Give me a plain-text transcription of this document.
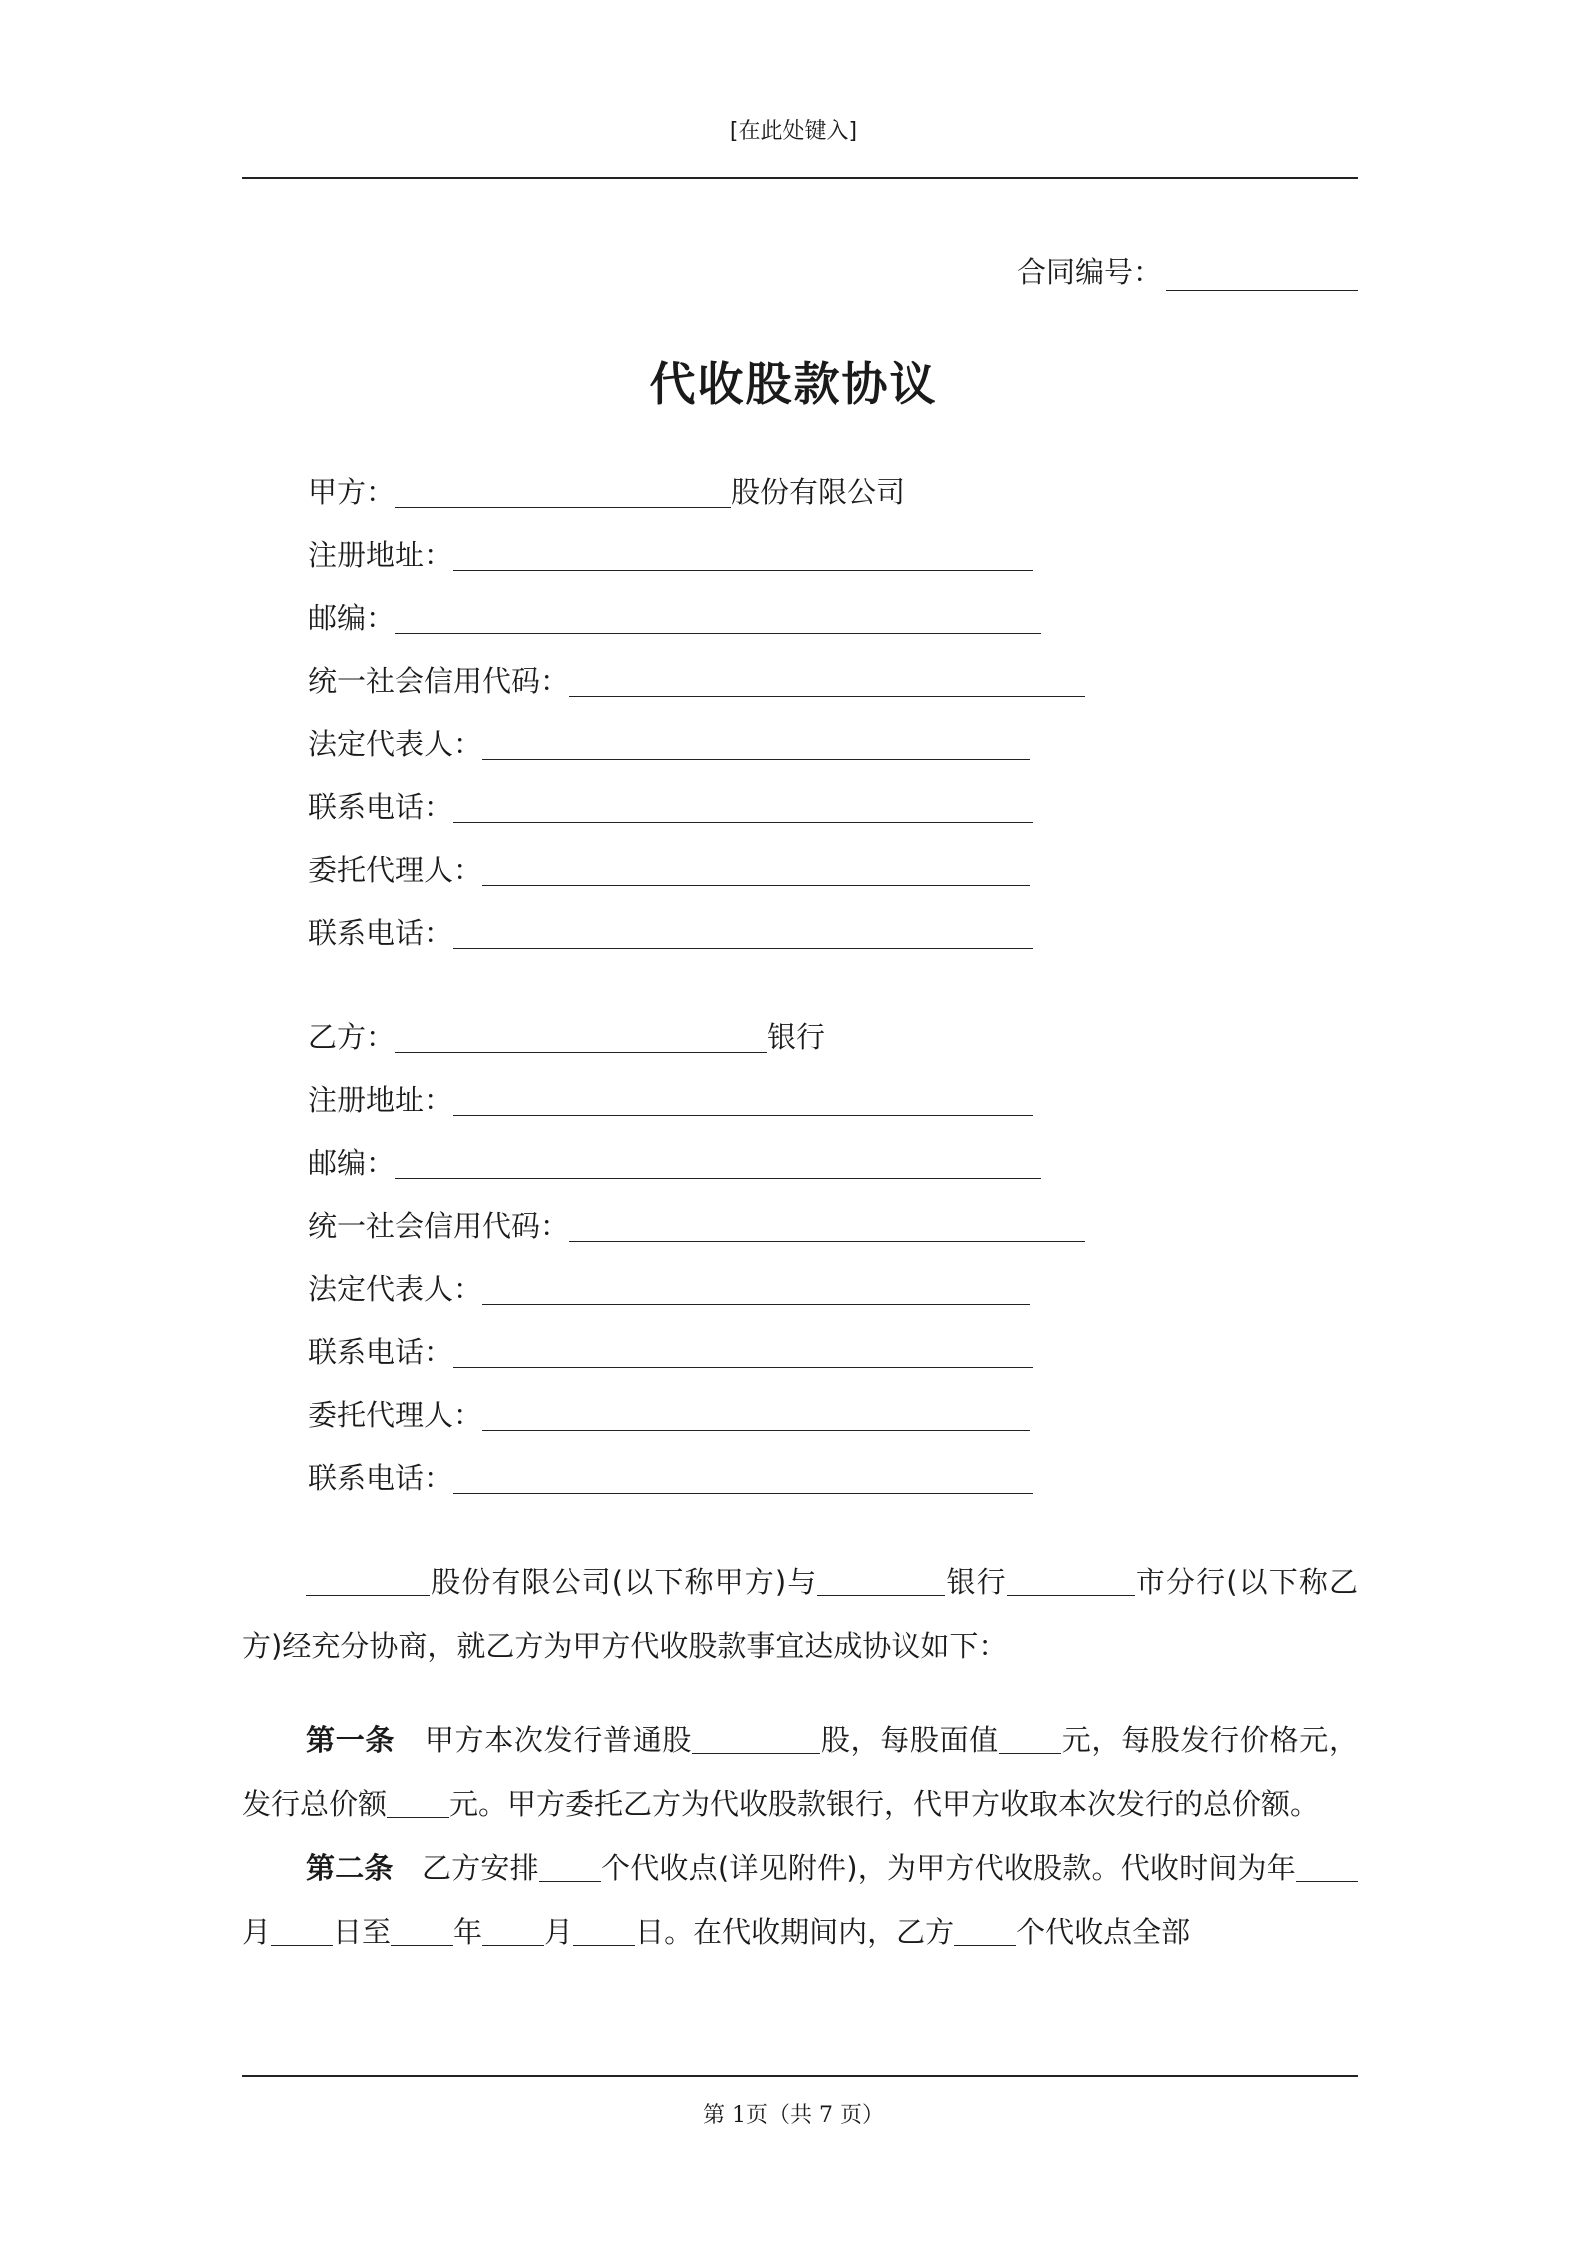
[在此处键入]
合同编号：
代收股款协议
甲方：	股份有限公司
注册地址：
邮编：
统一社会信用代码：
法定代表人：
联系电话：
委托代理人：
联系电话：
乙方：	银行
注册地址：
邮编：
统一社会信用代码：
法定代表人：
联系电话：
委托代理人：
联系电话：

股份有限公司(以下称甲方)与	银行	市分行(以下称乙方)经充分协商，就乙方为甲方代收股款事宜达成协议如下：

第一条 甲方本次发行普通股	股，每股面值 元，每股发行价格元，发行总价额 元。甲方委托乙方为代收股款银行，代甲方收取本次发行的总价额。

第二条 乙方安排 个代收点(详见附件)，为甲方代收股款。代收时间为年月 日至 年 月 日。在代收期间内，乙方 个代收点全部

第 1页（共 7 页）
